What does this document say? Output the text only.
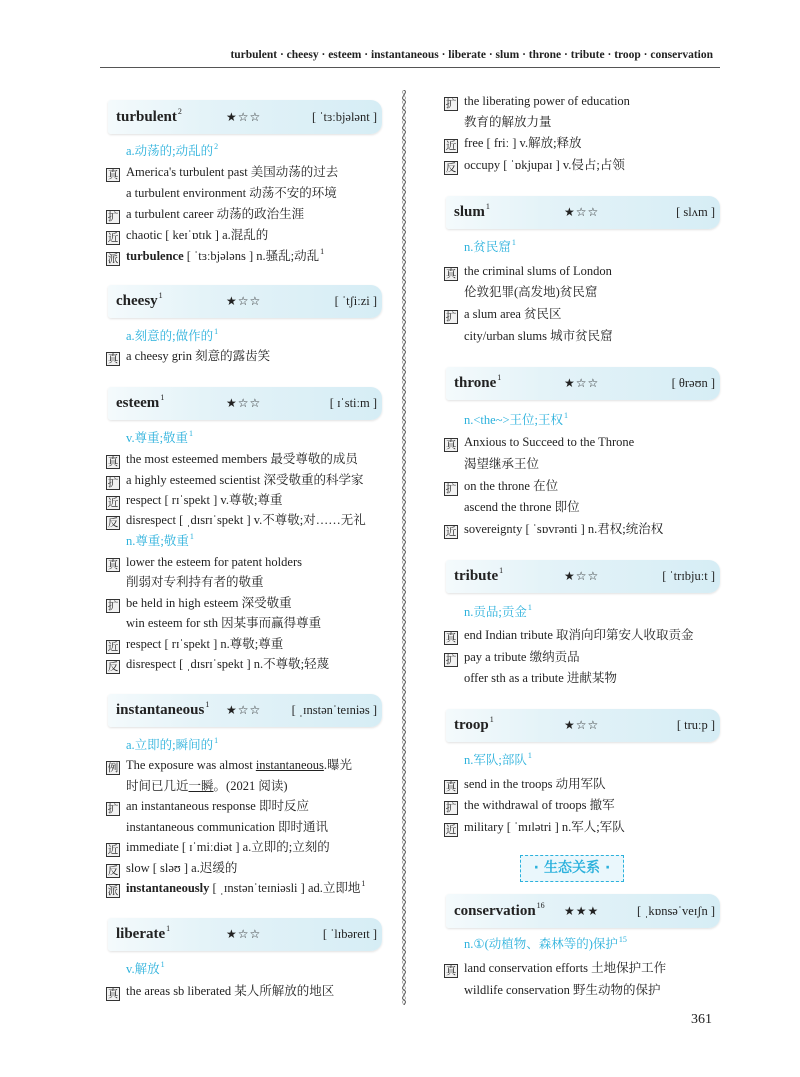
turbulent · cheesy · esteem · instantaneous · liberate · slum · throne · tribute · troop · conservation
turbulent$^2$	★☆☆	[ ˈtɜːbjələnt ]
a.动荡的;动乱的$^2$
真 America's turbulent past 美国动荡的过去
a turbulent environment 动荡不安的环境
扩 a turbulent career 动荡的政治生涯
近 chaotic [ keɪˈɒtɪk ] a.混乱的
派 turbulence [ ˈtɜːbjələns ] n.骚乱;动乱$^1$
cheesy$^1$	★☆☆	[ ˈtʃiːzi ]
a.刻意的;做作的$^1$
真 a cheesy grin 刻意的露齿笑
esteem$^1$	★☆☆	[ ɪˈstiːm ]
v.尊重;敬重$^1$
真 the most esteemed members 最受尊敬的成员
扩 a highly esteemed scientist 深受敬重的科学家
近 respect [ rɪˈspekt ] v.尊敬;尊重
反 disrespect [ ˌdɪsrɪˈspekt ] v.不尊敬;对……无礼
n.尊重;敬重$^1$
真 lower the esteem for patent holders
削弱对专利持有者的敬重
扩 be held in high esteem 深受敬重
win esteem for sth 因某事而赢得尊重
近 respect [ rɪˈspekt ] n.尊敬;尊重
反 disrespect [ ˌdɪsrɪˈspekt ] n.不尊敬;轻蔑
instantaneous$^1$ ★☆☆ [ ˌɪnstənˈteɪniəs ]
a.立即的;瞬间的$^1$
例 The exposure was almost instantaneous.曝光
时间已几近一瞬。(2021 阅读)
扩 an instantaneous response 即时反应
instantaneous communication 即时通讯
近 immediate [ ɪˈmiːdiət ] a.立即的;立刻的
反 slow [ sləʊ ] a.迟缓的
派 instantaneously [ ˌɪnstənˈteɪniəsli ] ad.立即地$^1$
liberate$^1$	★☆☆	[ ˈlɪbəreɪt ]
v.解放$^1$
真 the areas sb liberated 某人所解放的地区
扩 the liberating power of education
教育的解放力量
近 free [ friː ] v.解放;释放
反 occupy [ ˈɒkjupaɪ ] v.侵占;占领
slum$^1$	★☆☆	[ slʌm ]
n.贫民窟$^1$
真 the criminal slums of London
伦敦犯罪(高发地)贫民窟
扩 a slum area 贫民区
city/urban slums 城市贫民窟
throne$^1$	★☆☆	[ θrəʊn ]
n.<the~>王位;王权$^1$
真 Anxious to Succeed to the Throne
渴望继承王位
扩 on the throne 在位
ascend the throne 即位
近 sovereignty [ ˈsɒvrənti ] n.君权;统治权
tribute$^1$	★☆☆	[ ˈtrɪbjuːt ]
n.贡品;贡金$^1$
真 end Indian tribute 取消向印第安人收取贡金
扩 pay a tribute 缴纳贡品
offer sth as a tribute 进献某物
troop$^1$	★☆☆	[ truːp ]
n.军队;部队$^1$
真 send in the troops 动用军队
扩 the withdrawal of troops 撤军
近 military [ ˈmɪlətri ] n.军人;军队
· 生态关系 ·
conservation$^{16}$ ★★★	[ ˌkɒnsəˈveɪʃn ]
n.①(动植物、森林等的)保护$^{15}$
真 land conservation efforts 土地保护工作
wildlife conservation 野生动物的保护
361
